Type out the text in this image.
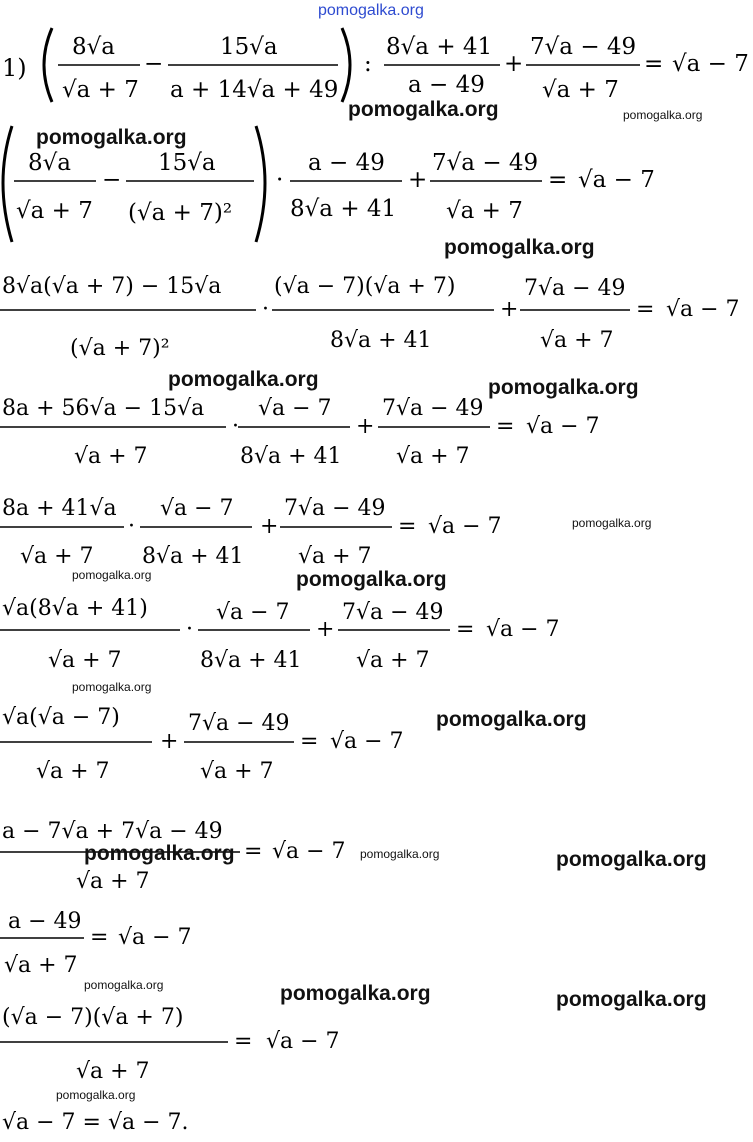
pomogalka.org
1)
8√a
√a + 7
−
15√a
a + 14√a + 49
:
8√a + 41
a − 49
+
7√a − 49
√a + 7
= √a − 7
pomogalka.org	pomogalka.org
pomogalka.org
8√a
√a + 7
−
15√a
(√a + 7)²
·
a − 49
8√a + 41
+
7√a − 49
√a + 7
= √a − 7
pomogalka.org
8√a(√a + 7) − 15√a
(√a + 7)²
·
(√a − 7)(√a + 7)
8√a + 41
+
7√a − 49
√a + 7
= √a − 7
pomogalka.org	pomogalka.org
8a + 56√a − 15√a
√a + 7
·
√a − 7
8√a + 41
+
7√a − 49
√a + 7
= √a − 7
8a + 41√a
√a + 7
·
√a − 7
8√a + 41
+
7√a − 49
√a + 7
= √a − 7	pomogalka.org
pomogalka.org	pomogalka.org
√a(8√a + 41)
√a + 7
·
√a − 7
8√a + 41
+
7√a − 49
√a + 7
= √a − 7
pomogalka.org
√a(√a − 7)
√a + 7
+
7√a − 49
√a + 7
= √a − 7
pomogalka.org
a − 7√a + 7√a − 49
√a + 7
= √a − 7
pomogalka.org	pomogalka.org	pomogalka.org
a − 49
√a + 7
= √a − 7
pomogalka.org	pomogalka.org	pomogalka.org
(√a − 7)(√a + 7)
√a + 7
= √a − 7
pomogalka.org
√a − 7 = √a − 7.
